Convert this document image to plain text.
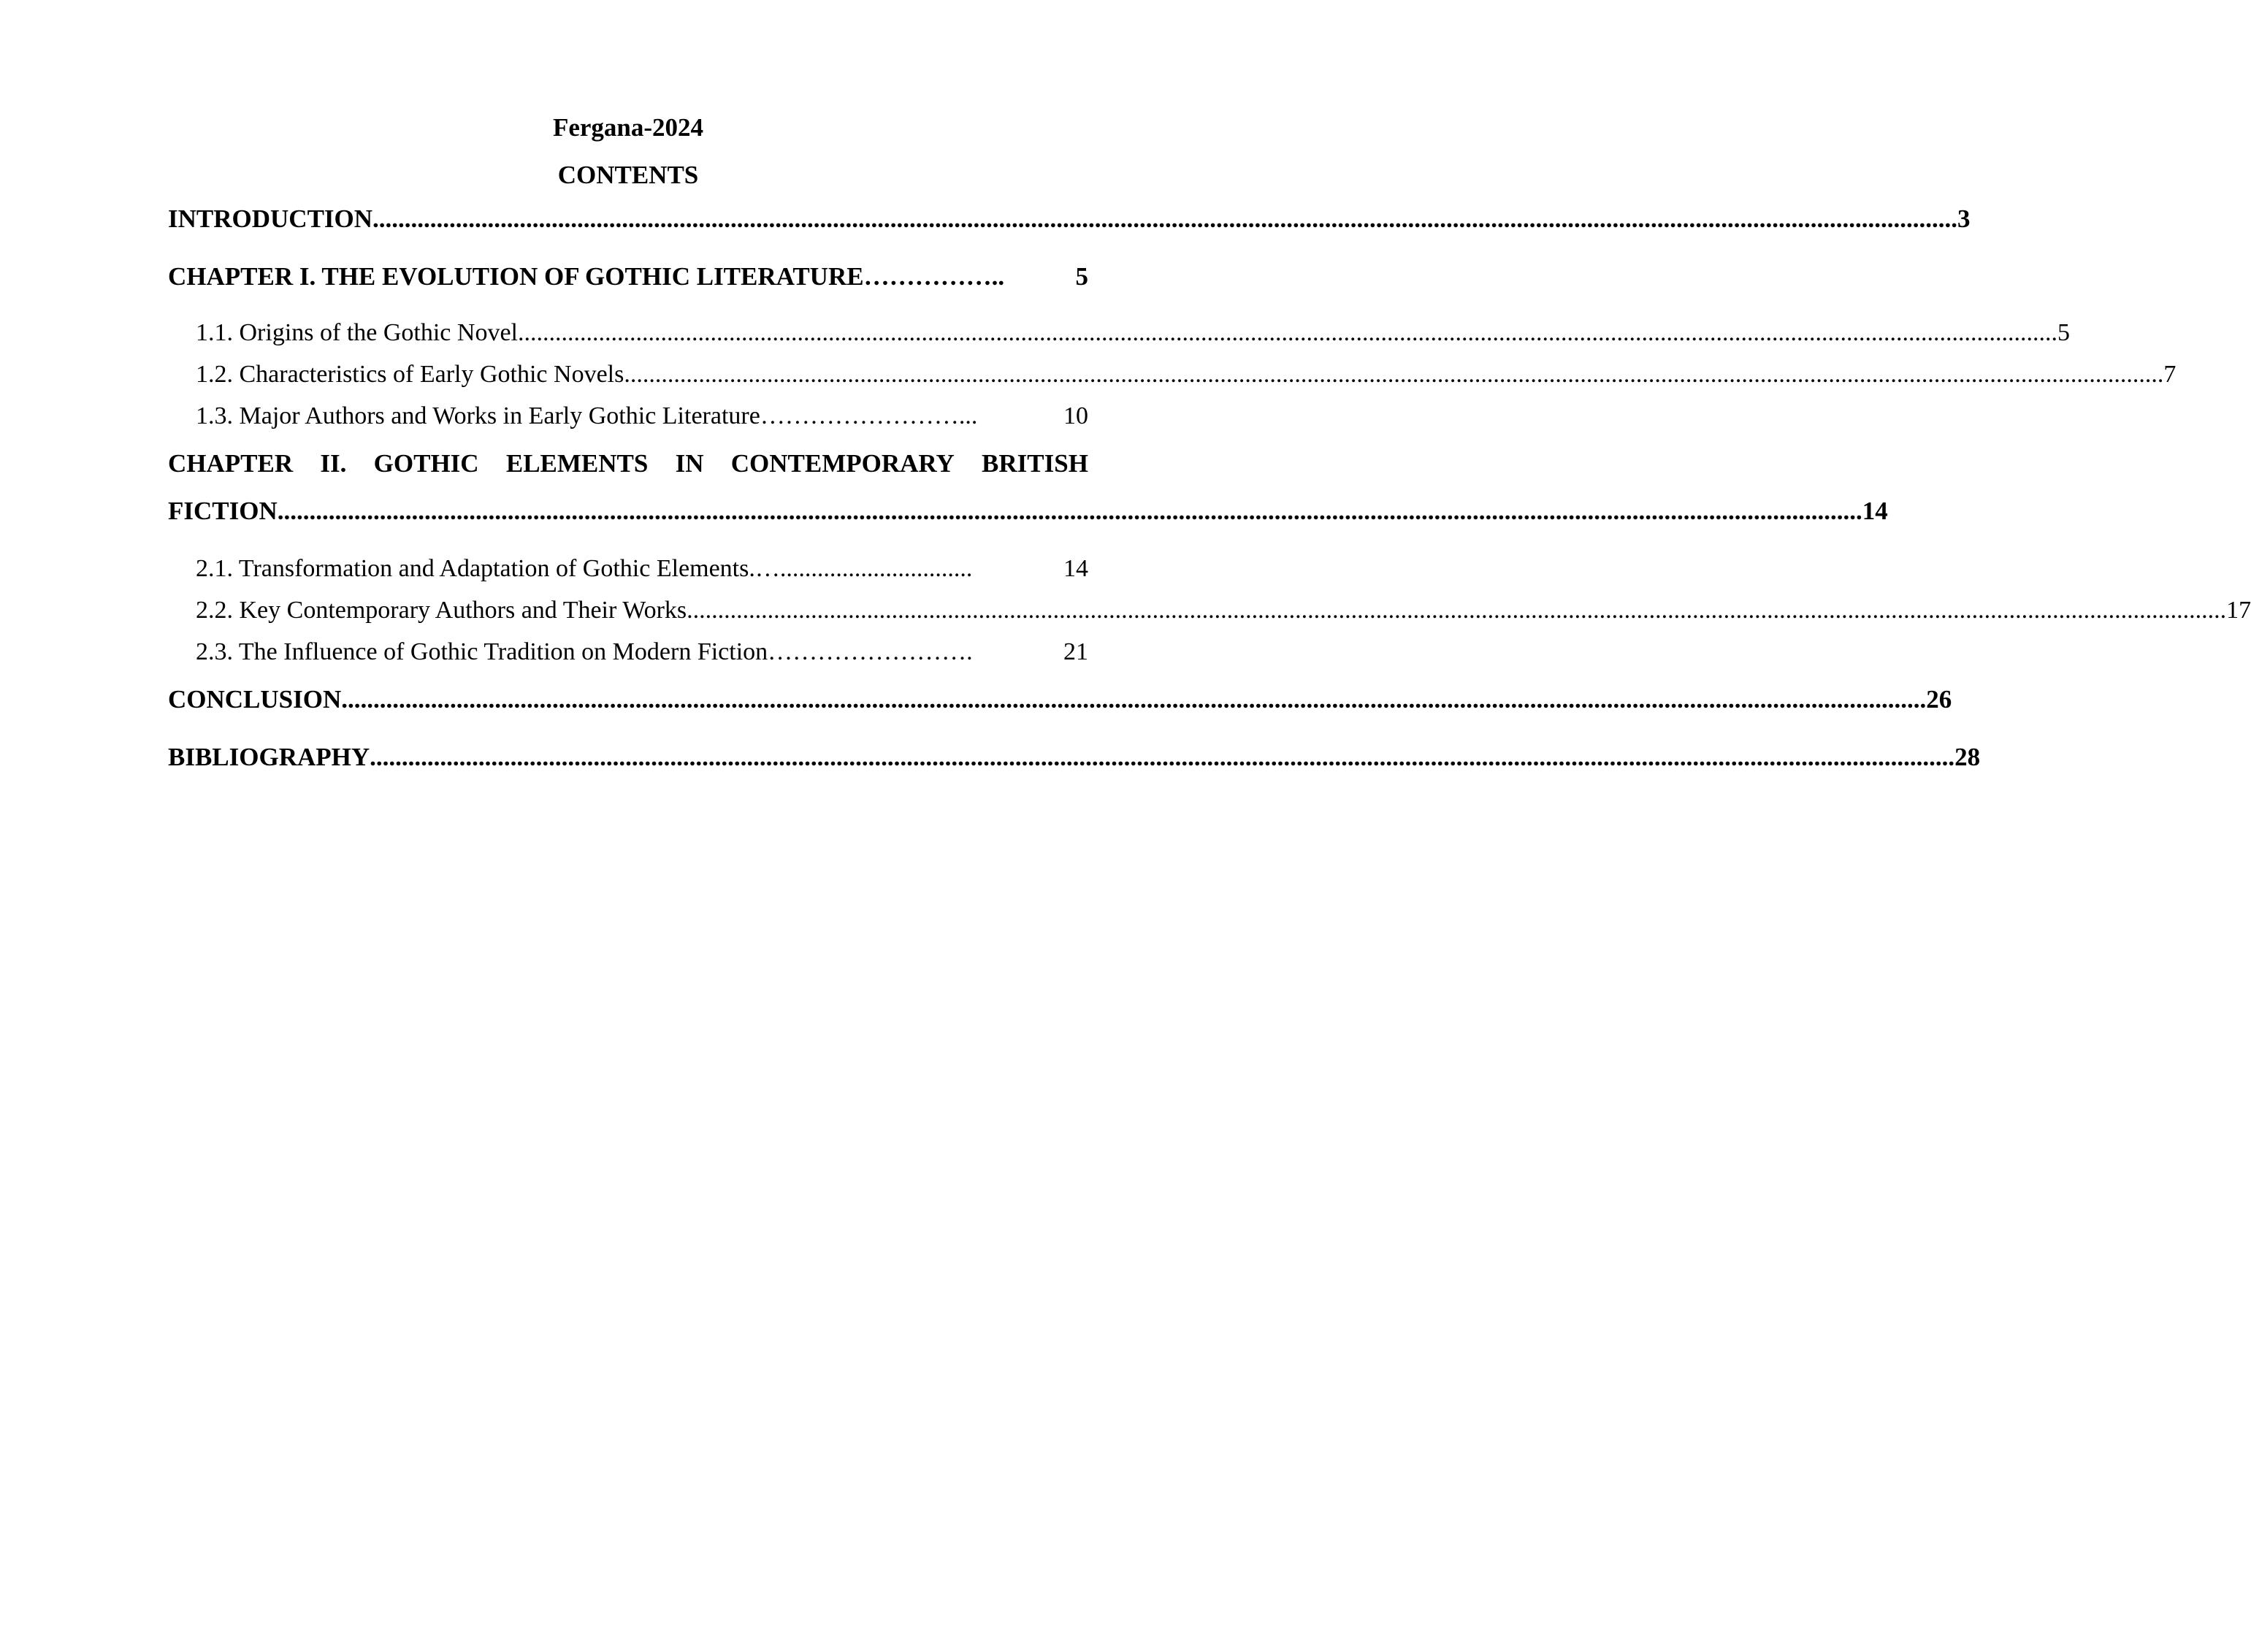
Fergana-2024
CONTENTS
INTRODUCTION ........................................................................................................................................................................................................................................................ 3
CHAPTER I. THE EVOLUTION OF GOTHIC LITERATURE ……………..	5
1.1. Origins of the Gothic Novel ........................................................................................................................................................................................................................................................ 5
1.2. Characteristics of Early Gothic Novels ........................................................................................................................................................................................................................................................ 7
1.3. Major Authors and Works in Early Gothic Literature ……………………...	10
CHAPTER II. GOTHIC ELEMENTS IN CONTEMPORARY BRITISH
FICTION ........................................................................................................................................................................................................................................................ 14
2.1. Transformation and Adaptation of Gothic Elements. …...............................	14
2.2. Key Contemporary Authors and Their Works ........................................................................................................................................................................................................................................................ 17
2.3. The Influence of Gothic Tradition on Modern Fiction …………………….	21
CONCLUSION ........................................................................................................................................................................................................................................................ 26
BIBLIOGRAPHY ........................................................................................................................................................................................................................................................ 28
